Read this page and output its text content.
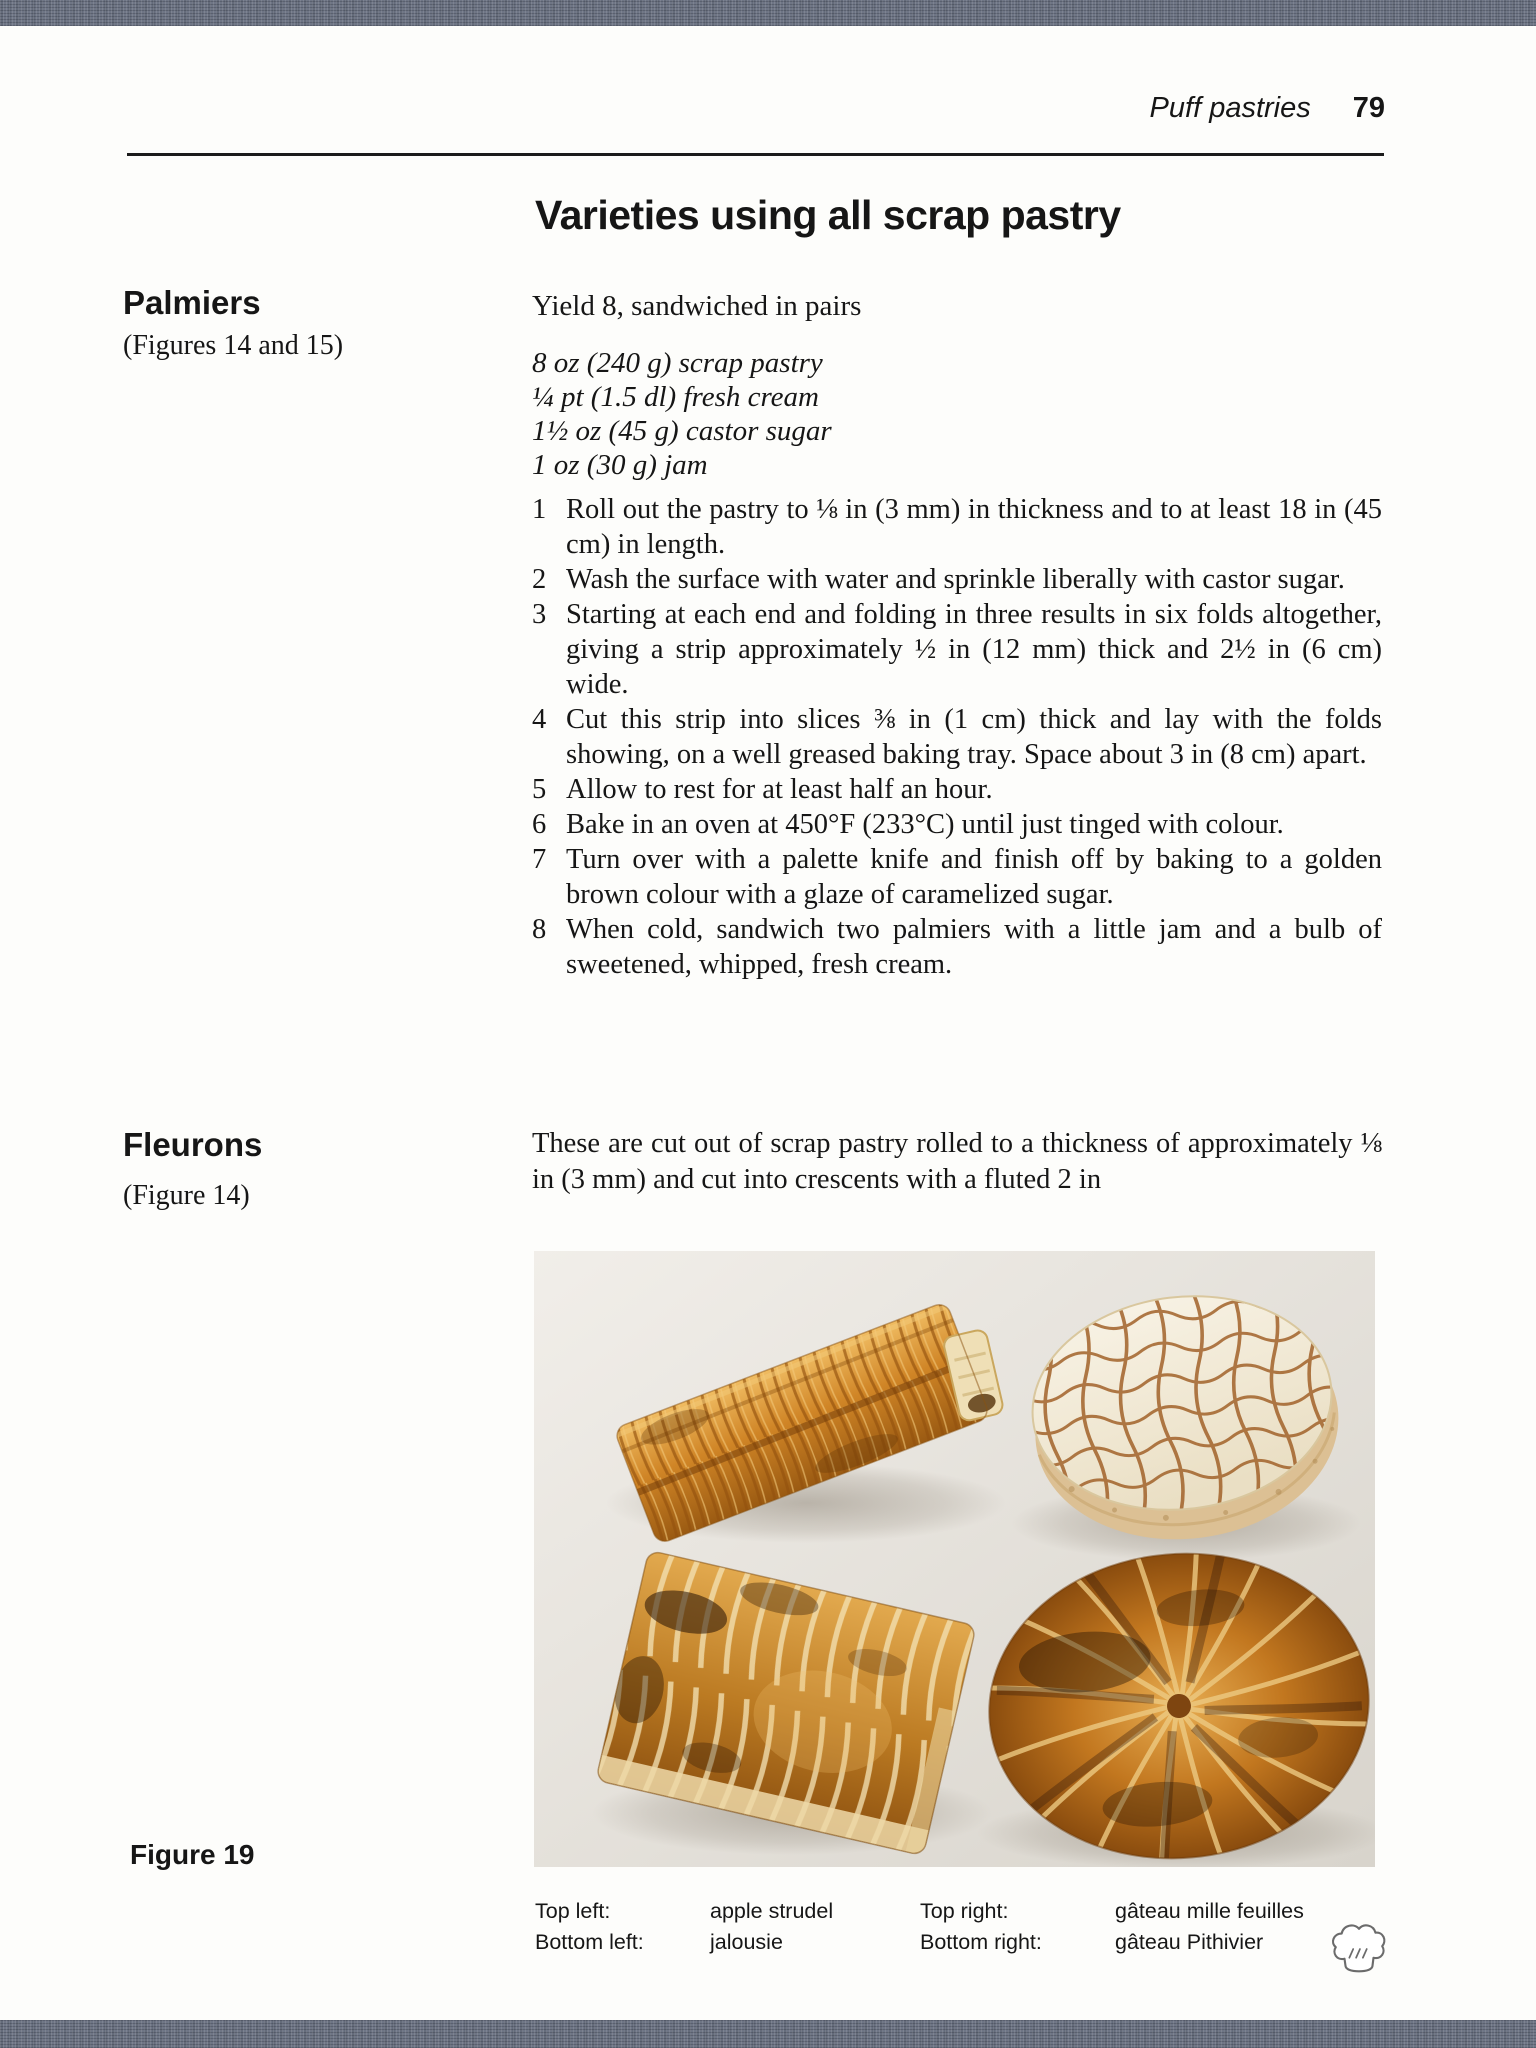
Puff pastries 79
Varieties using all scrap pastry
Palmiers
(Figures 14 and 15)
Fleurons
(Figure 14)
Yield 8, sandwiched in pairs
8 oz (240 g) scrap pastry
¼ pt (1.5 dl) fresh cream
1½ oz (45 g) castor sugar
1 oz (30 g) jam
1 Roll out the pastry to ⅛ in (3 mm) in thickness and to at least 18 in (45 cm) in length.
2 Wash the surface with water and sprinkle liberally with castor sugar.
3 Starting at each end and folding in three results in six folds altogether, giving a strip approximately ½ in (12 mm) thick and 2½ in (6 cm) wide.
4 Cut this strip into slices ⅜ in (1 cm) thick and lay with the folds showing, on a well greased baking tray. Space about 3 in (8 cm) apart.
5 Allow to rest for at least half an hour.
6 Bake in an oven at 450°F (233°C) until just tinged with colour.
7 Turn over with a palette knife and finish off by baking to a golden brown colour with a glaze of caramelized sugar.
8 When cold, sandwich two palmiers with a little jam and a bulb of sweetened, whipped, fresh cream.
These are cut out of scrap pastry rolled to a thickness of approximately ⅛ in (3 mm) and cut into crescents with a fluted 2 in
Figure 19
Top left:	apple strudel	Top right:	gâteau mille feuilles
Bottom left:	jalousie	Bottom right:	gâteau Pithivier
